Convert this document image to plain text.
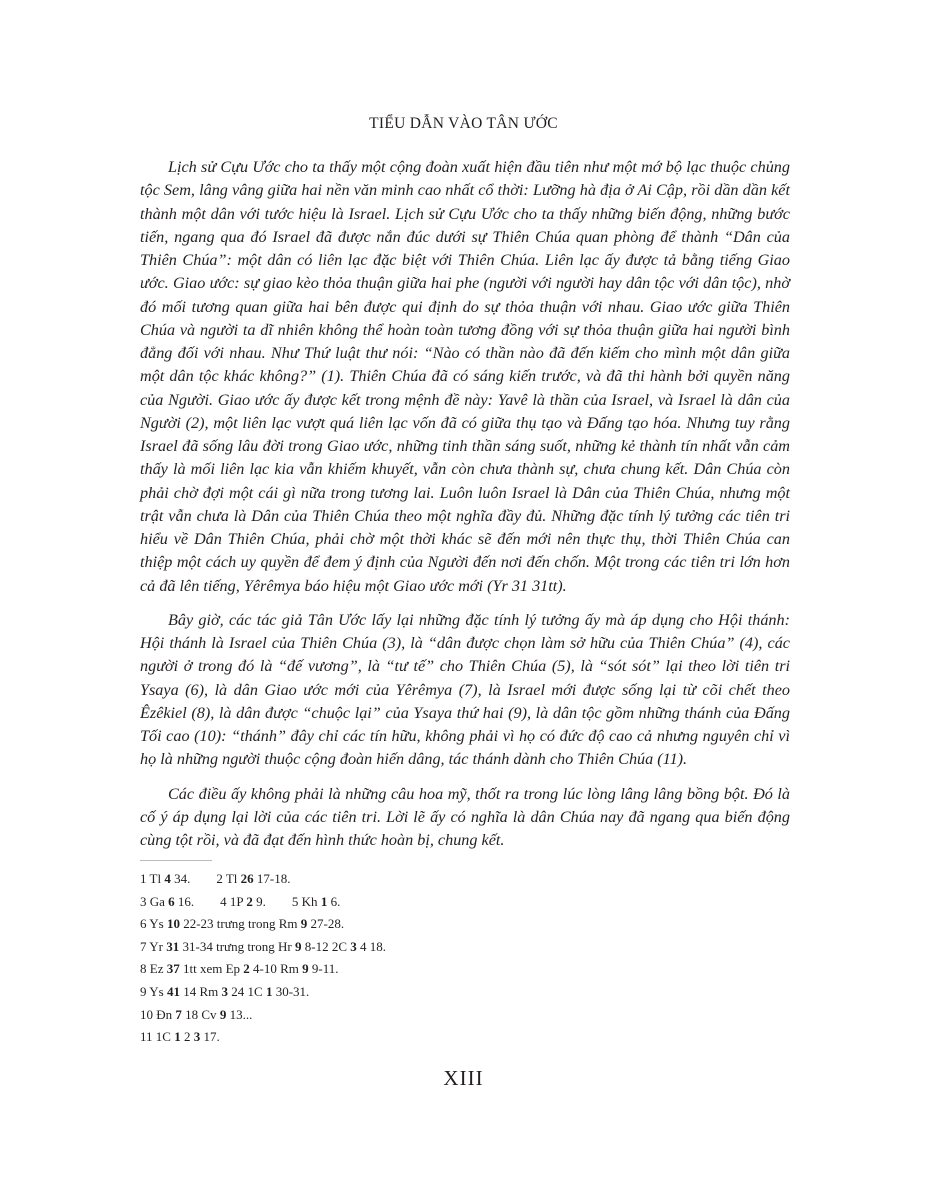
TIỂU DẪN VÀO TÂN ƯỚC

Lịch sử Cựu Ước cho ta thấy một cộng đoàn xuất hiện đầu tiên như một mớ bộ lạc thuộc chủng tộc Sem, lâng vâng giữa hai nền văn minh cao nhất cổ thời: Lưỡng hà địa ở Ai Cập, rồi dần dần kết thành một dân với tước hiệu là Israel. Lịch sử Cựu Ước cho ta thấy những biến động, những bước tiến, ngang qua đó Israel đã được nắn đúc dưới sự Thiên Chúa quan phòng để thành “Dân của Thiên Chúa”: một dân có liên lạc đặc biệt với Thiên Chúa. Liên lạc ấy được tả bằng tiếng Giao ước. Giao ước: sự giao kèo thỏa thuận giữa hai phe (người với người hay dân tộc với dân tộc), nhờ đó mối tương quan giữa hai bên được qui định do sự thỏa thuận với nhau. Giao ước giữa Thiên Chúa và người ta dĩ nhiên không thể hoàn toàn tương đồng với sự thỏa thuận giữa hai người bình đẳng đối với nhau. Như Thứ luật thư nói: “Nào có thần nào đã đến kiếm cho mình một dân giữa một dân tộc khác không?” (1). Thiên Chúa đã có sáng kiến trước, và đã thi hành bởi quyền năng của Người. Giao ước ấy được kết trong mệnh đề này: Yavê là thần của Israel, và Israel là dân của Người (2), một liên lạc vượt quá liên lạc vốn đã có giữa thụ tạo và Đấng tạo hóa. Nhưng tuy rằng Israel đã sống lâu đời trong Giao ước, những tinh thần sáng suốt, những kẻ thành tín nhất vẫn cảm thấy là mối liên lạc kia vẫn khiếm khuyết, vẫn còn chưa thành sự, chưa chung kết. Dân Chúa còn phải chờ đợi một cái gì nữa trong tương lai. Luôn luôn Israel là Dân của Thiên Chúa, nhưng một trật vẫn chưa là Dân của Thiên Chúa theo một nghĩa đầy đủ. Những đặc tính lý tưởng các tiên tri hiểu về Dân Thiên Chúa, phải chờ một thời khác sẽ đến mới nên thực thụ, thời Thiên Chúa can thiệp một cách uy quyền để đem ý định của Người đến nơi đến chốn. Một trong các tiên tri lớn hơn cả đã lên tiếng, Yêrêmya báo hiệu một Giao ước mới (Yr 31 31tt).

Bây giờ, các tác giả Tân Ước lấy lại những đặc tính lý tưởng ấy mà áp dụng cho Hội thánh: Hội thánh là Israel của Thiên Chúa (3), là “dân được chọn làm sở hữu của Thiên Chúa” (4), các người ở trong đó là “đế vương”, là “tư tế” cho Thiên Chúa (5), là “sót sót” lại theo lời tiên tri Ysaya (6), là dân Giao ước mới của Yêrêmya (7), là Israel mới được sống lại từ cõi chết theo Êzêkiel (8), là dân được “chuộc lại” của Ysaya thứ hai (9), là dân tộc gồm những thánh của Đấng Tối cao (10): “thánh” đây chỉ các tín hữu, không phải vì họ có đức độ cao cả nhưng nguyên chỉ vì họ là những người thuộc cộng đoàn hiến dâng, tác thánh dành cho Thiên Chúa (11).

Các điều ấy không phải là những câu hoa mỹ, thốt ra trong lúc lòng lâng lâng bồng bột. Đó là cố ý áp dụng lại lời của các tiên tri. Lời lẽ ấy có nghĩa là dân Chúa nay đã ngang qua biến động cùng tột rồi, và đã đạt đến hình thức hoàn bị, chung kết.

1 Tl 4 34. 2 Tl 26 17-18.
3 Ga 6 16. 4 1P 2 9. 5 Kh 1 6.
6 Ys 10 22-23 trưng trong Rm 9 27-28.
7 Yr 31 31-34 trưng trong Hr 9 8-12 2C 3 4 18.
8 Ez 37 1tt xem Ep 2 4-10 Rm 9 9-11.
9 Ys 41 14 Rm 3 24 1C 1 30-31.
10 Đn 7 18 Cv 9 13...
11 1C 1 2 3 17.
XIII
